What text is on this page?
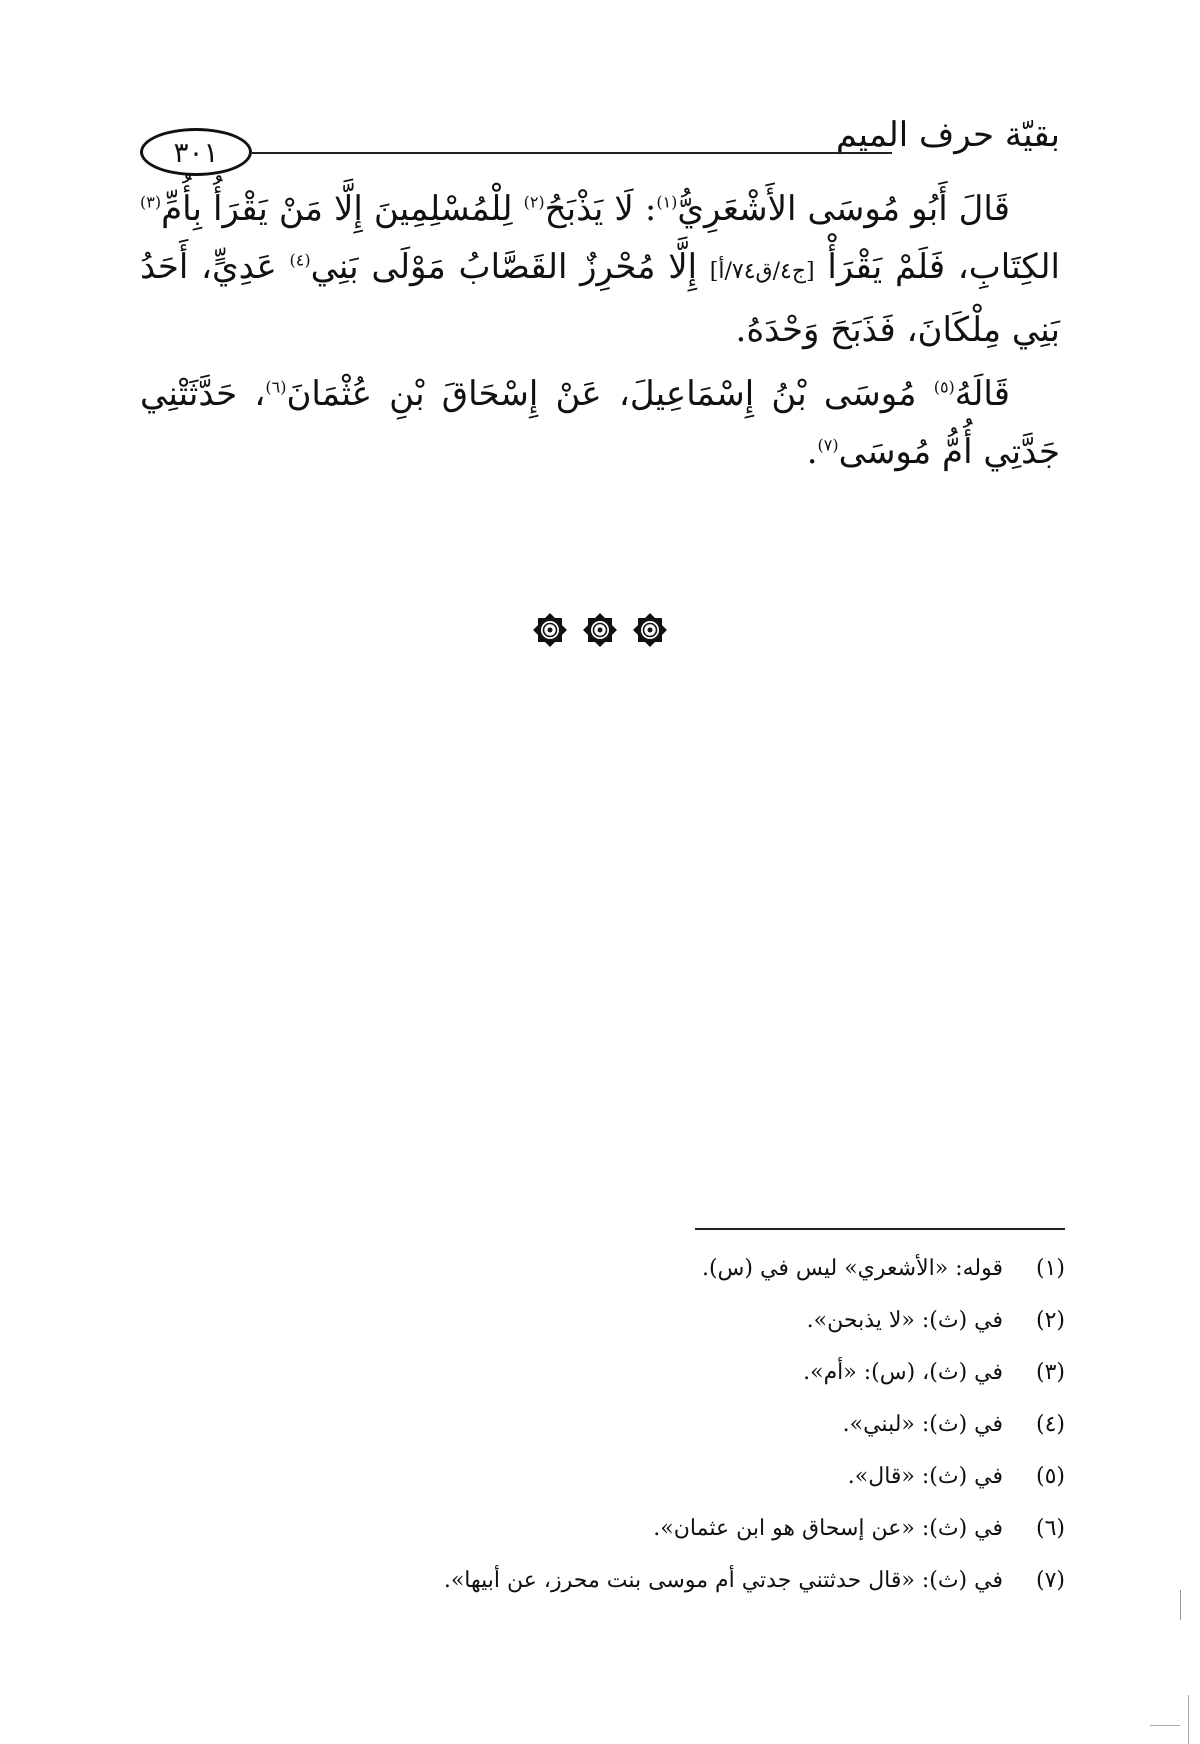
بقيّة حرف الميم
٣٠١

قَالَ أَبُو مُوسَى الأَشْعَرِيُّ$^{(١)}$: لَا يَذْبَحُ$^{(٢)}$ لِلْمُسْلِمِينَ إِلَّا مَنْ يَقْرَأُ بِأُمِّ$^{(٣)}$ الكِتَابِ، فَلَمْ يَقْرَأْ [ج٤/ق٧٤/أ] إِلَّا مُحْرِزٌ القَصَّابُ مَوْلَى بَنِي$^{(٤)}$ عَدِيٍّ، أَحَدُ بَنِي مِلْكَانَ، فَذَبَحَ وَحْدَهُ.

قَالَهُ$^{(٥)}$ مُوسَى بْنُ إِسْمَاعِيلَ، عَنْ إِسْحَاقَ بْنِ عُثْمَانَ$^{(٦)}$، حَدَّثَتْنِي جَدَّتِي أُمُّ مُوسَى$^{(٧)}$.

(١)
قوله: «الأشعري» ليس في (س).
(٢)
في (ث): «لا يذبحن».
(٣)
في (ث)، (س): «أم».
(٤)
في (ث): «لبني».
(٥)
في (ث): «قال».
(٦)
في (ث): «عن إسحاق هو ابن عثمان».
(٧)
في (ث): «قال حدثتني جدتي أم موسى بنت محرز، عن أبيها».
